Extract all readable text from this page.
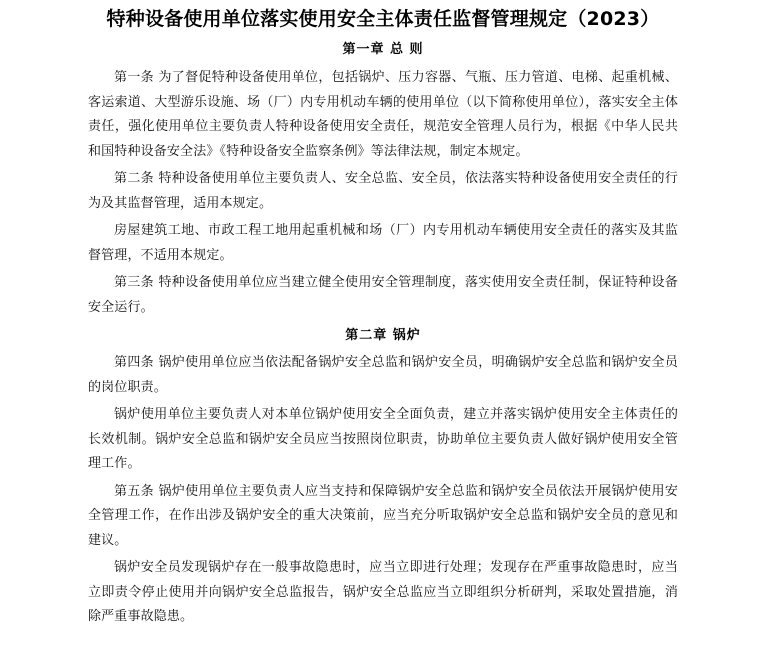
特种设备使用单位落实使用安全主体责任监督管理规定（2023）
第一章 总 则

第一条 为了督促特种设备使用单位，包括锅炉、压力容器、气瓶、压力管道、电梯、起重机械、客运索道、大型游乐设施、场（厂）内专用机动车辆的使用单位（以下简称使用单位），落实安全主体责任，强化使用单位主要负责人特种设备使用安全责任，规范安全管理人员行为，根据《中华人民共和国特种设备安全法》《特种设备安全监察条例》等法律法规，制定本规定。

第二条 特种设备使用单位主要负责人、安全总监、安全员，依法落实特种设备使用安全责任的行为及其监督管理，适用本规定。

房屋建筑工地、市政工程工地用起重机械和场（厂）内专用机动车辆使用安全责任的落实及其监督管理，不适用本规定。

第三条 特种设备使用单位应当建立健全使用安全管理制度，落实使用安全责任制，保证特种设备安全运行。

第二章 锅炉

第四条 锅炉使用单位应当依法配备锅炉安全总监和锅炉安全员，明确锅炉安全总监和锅炉安全员的岗位职责。

锅炉使用单位主要负责人对本单位锅炉使用安全全面负责，建立并落实锅炉使用安全主体责任的长效机制。锅炉安全总监和锅炉安全员应当按照岗位职责，协助单位主要负责人做好锅炉使用安全管理工作。

第五条 锅炉使用单位主要负责人应当支持和保障锅炉安全总监和锅炉安全员依法开展锅炉使用安全管理工作，在作出涉及锅炉安全的重大决策前，应当充分听取锅炉安全总监和锅炉安全员的意见和建议。

锅炉安全员发现锅炉存在一般事故隐患时，应当立即进行处理；发现存在严重事故隐患时，应当立即责令停止使用并向锅炉安全总监报告，锅炉安全总监应当立即组织分析研判，采取处置措施，消除严重事故隐患。
